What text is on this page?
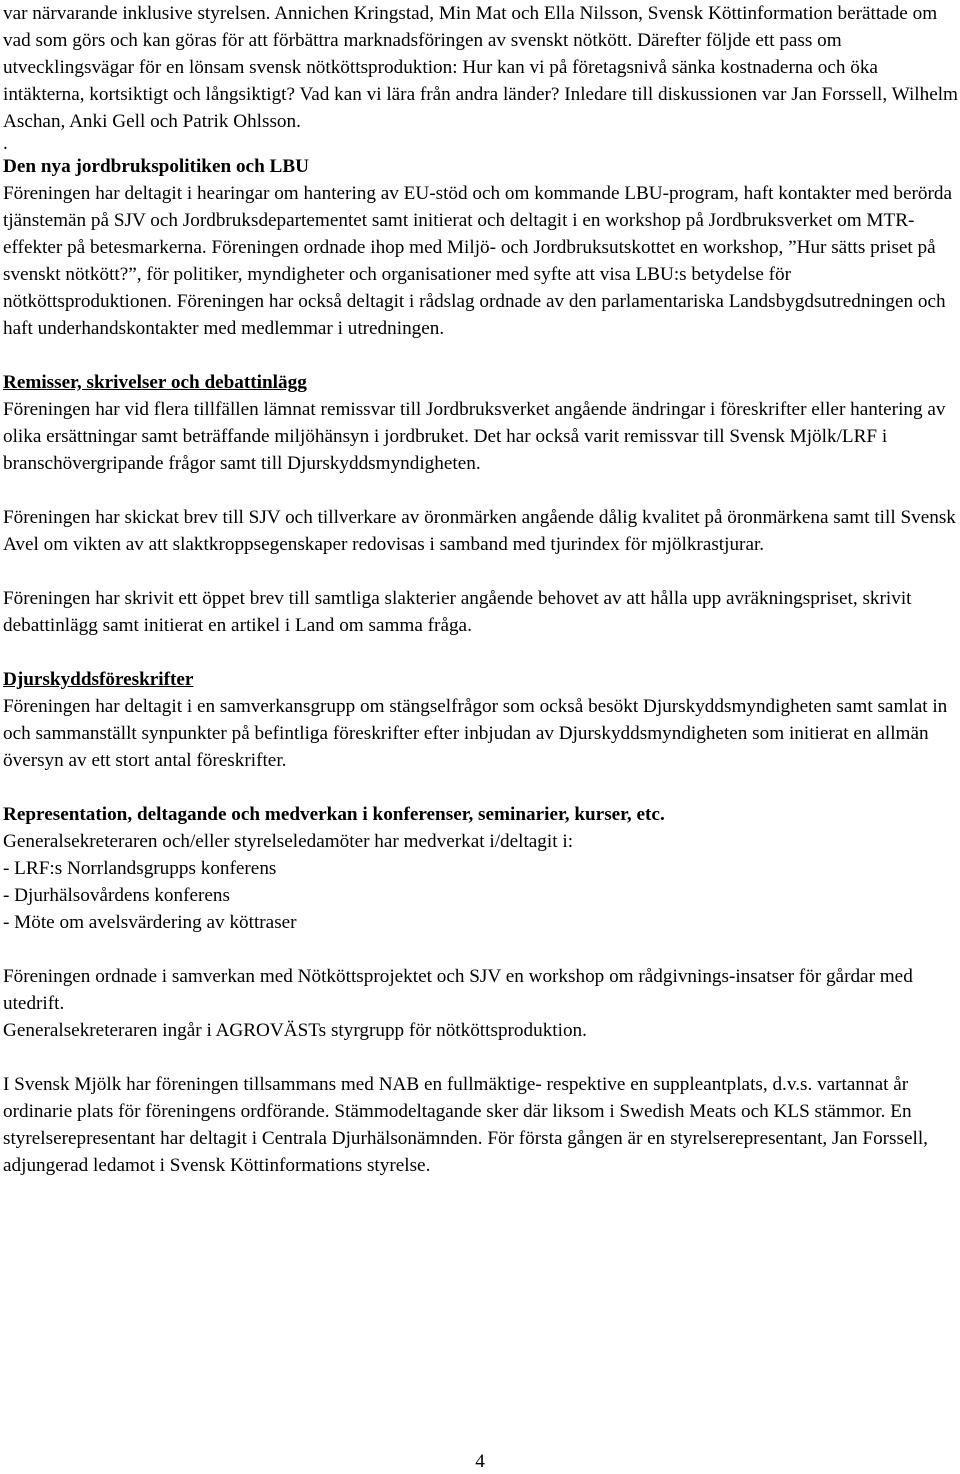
var närvarande inklusive styrelsen. Annichen Kringstad, Min Mat och Ella Nilsson, Svensk Köttinformation berättade om vad som görs och kan göras för att förbättra marknadsföringen av svenskt nötkött. Därefter följde ett pass om utvecklingsvägar för en lönsam svensk nötköttsproduktion: Hur kan vi på företagsnivå sänka kostnaderna och öka intäkterna, kortsiktigt och långsiktigt? Vad kan vi lära från andra länder? Inledare till diskussionen var Jan Forssell, Wilhelm Aschan, Anki Gell och Patrik Ohlsson.

.

Den nya jordbrukspolitiken och LBU

Föreningen har deltagit i hearingar om hantering av EU-stöd och om kommande LBU-program, haft kontakter med berörda tjänstemän på SJV och Jordbruksdepartementet samt initierat och deltagit i en workshop på Jordbruksverket om MTR-effekter på betesmarkerna. Föreningen ordnade ihop med Miljö- och Jordbruksutskottet en workshop, ”Hur sätts priset på svenskt nötkött?”, för politiker, myndigheter och organisationer med syfte att visa LBU:s betydelse för nötköttsproduktionen. Föreningen har också deltagit i rådslag ordnade av den parlamentariska Landsbygdsutredningen och haft underhandskontakter med medlemmar i utredningen.

Remisser, skrivelser och debattinlägg

Föreningen har vid flera tillfällen lämnat remissvar till Jordbruksverket angående ändringar i föreskrifter eller hantering av olika ersättningar samt beträffande miljöhänsyn i jordbruket. Det har också varit remissvar till Svensk Mjölk/LRF i branschövergripande frågor samt till Djurskyddsmyndigheten.

Föreningen har skickat brev till SJV och tillverkare av öronmärken angående dålig kvalitet på öronmärkena samt till Svensk Avel om vikten av att slaktkroppsegenskaper redovisas i samband med tjurindex för mjölkrastjurar.

Föreningen har skrivit ett öppet brev till samtliga slakterier angående behovet av att hålla upp avräkningspriset, skrivit debattinlägg samt initierat en artikel i Land om samma fråga.

Djurskyddsföreskrifter

Föreningen har deltagit i en samverkansgrupp om stängselfrågor som också besökt Djurskyddsmyndigheten samt samlat in och sammanställt synpunkter på befintliga föreskrifter efter inbjudan av Djurskyddsmyndigheten som initierat en allmän översyn av ett stort antal föreskrifter.

Representation, deltagande och medverkan i konferenser, seminarier, kurser, etc.

Generalsekreteraren och/eller styrelseledamöter har medverkat i/deltagit i:

- LRF:s Norrlandsgrupps konferens

- Djurhälsovårdens konferens

- Möte om avelsvärdering av köttraser

Föreningen ordnade i samverkan med Nötköttsprojektet och SJV en workshop om rådgivnings-insatser för gårdar med utedrift.

Generalsekreteraren ingår i AGROVÄSTs styrgrupp för nötköttsproduktion.

I Svensk Mjölk har föreningen tillsammans med NAB en fullmäktige- respektive en suppleantplats, d.v.s. vartannat år ordinarie plats för föreningens ordförande. Stämmodeltagande sker där liksom i Swedish Meats och KLS stämmor. En styrelserepresentant har deltagit i Centrala Djurhälsonämnden. För första gången är en styrelserepresentant, Jan Forssell, adjungerad ledamot i Svensk Köttinformations styrelse.

4
